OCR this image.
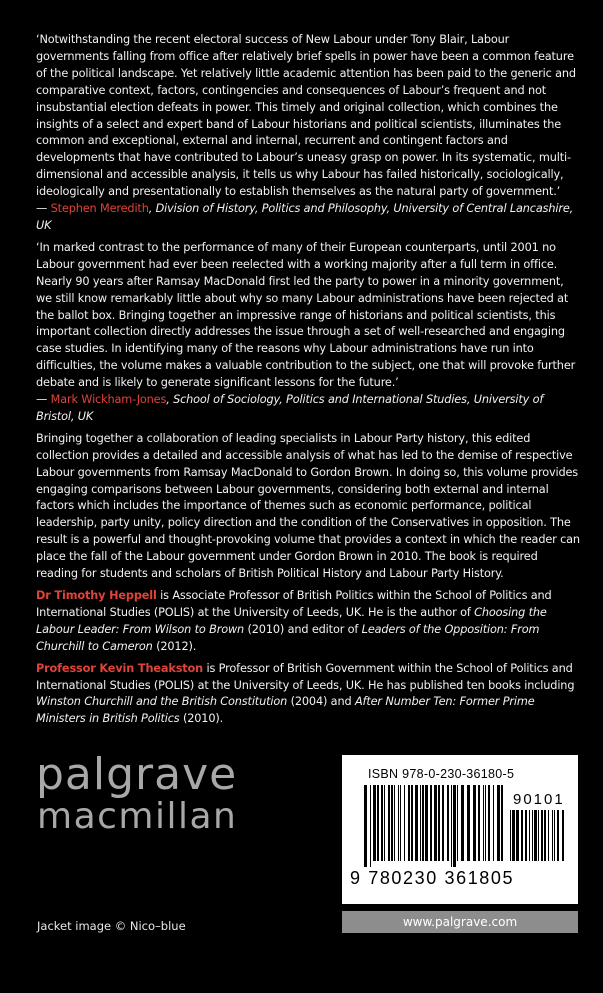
‘Notwithstanding the recent electoral success of New Labour under Tony Blair, Labour governments falling from office after relatively brief spells in power have been a common feature of the political landscape. Yet relatively little academic attention has been paid to the generic and comparative context, factors, contingencies and consequences of Labour’s frequent and not insubstantial election defeats in power. This timely and original collection, which combines the insights of a select and expert band of Labour historians and political scientists, illuminates the common and exceptional, external and internal, recurrent and contingent factors and developments that have contributed to Labour’s uneasy grasp on power. In its systematic, multi-dimensional and accessible analysis, it tells us why Labour has failed historically, sociologically, ideologically and presentationally to establish themselves as the natural party of government.’
— Stephen Meredith, Division of History, Politics and Philosophy, University of Central Lancashire, UK

‘In marked contrast to the performance of many of their European counterparts, until 2001 no Labour government had ever been reelected with a working majority after a full term in office. Nearly 90 years after Ramsay MacDonald first led the party to power in a minority government, we still know remarkably little about why so many Labour administrations have been rejected at the ballot box. Bringing together an impressive range of historians and political scientists, this important collection directly addresses the issue through a set of well-researched and engaging case studies. In identifying many of the reasons why Labour administrations have run into difficulties, the volume makes a valuable contribution to the subject, one that will provoke further debate and is likely to generate significant lessons for the future.’
— Mark Wickham-Jones, School of Sociology, Politics and International Studies, University of Bristol, UK

Bringing together a collaboration of leading specialists in Labour Party history, this edited collection provides a detailed and accessible analysis of what has led to the demise of respective Labour governments from Ramsay MacDonald to Gordon Brown. In doing so, this volume provides engaging comparisons between Labour governments, considering both external and internal factors which includes the importance of themes such as economic performance, political leadership, party unity, policy direction and the condition of the Conservatives in opposition. The result is a powerful and thought-provoking volume that provides a context in which the reader can place the fall of the Labour government under Gordon Brown in 2010. The book is required reading for students and scholars of British Political History and Labour Party History.

Dr Timothy Heppell is Associate Professor of British Politics within the School of Politics and International Studies (POLIS) at the University of Leeds, UK. He is the author of Choosing the Labour Leader: From Wilson to Brown (2010) and editor of Leaders of the Opposition: From Churchill to Cameron (2012).

Professor Kevin Theakston is Professor of British Government within the School of Politics and International Studies (POLIS) at the University of Leeds, UK. He has published ten books including Winston Churchill and the British Constitution (2004) and After Number Ten: Former Prime Ministers in British Politics (2010).

palgrave
macmillan
Jacket image © Nico–blue
ISBN 978-0-230-36180-5
90101
9 780230 361805
www.palgrave.com
